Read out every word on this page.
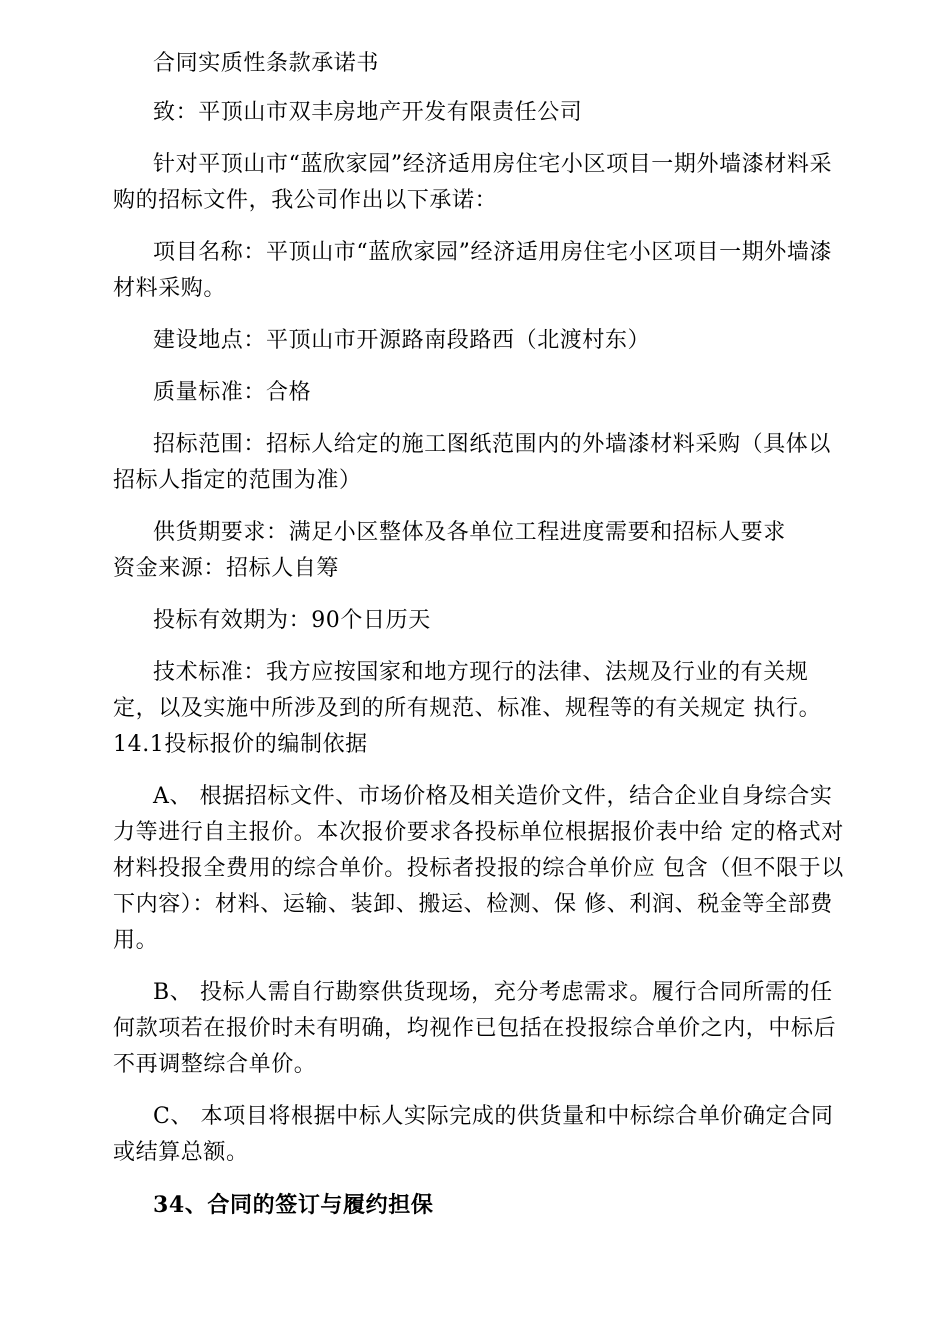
合同实质性条款承诺书

致：平顶山市双丰房地产开发有限责任公司

针对平顶山市“蓝欣家园”经济适用房住宅小区项目一期外墙漆材料采购的招标文件，我公司作出以下承诺：

项目名称：平顶山市“蓝欣家园”经济适用房住宅小区项目一期外墙漆材料采购。

建设地点：平顶山市开源路南段路西（北渡村东）

质量标准：合格

招标范围：招标人给定的施工图纸范围内的外墙漆材料采购（具体以招标人指定的范围为准）

供货期要求：满足小区整体及各单位工程进度需要和招标人要求

资金来源：招标人自筹

投标有效期为：90个日历天

技术标准：我方应按国家和地方现行的法律、法规及行业的有关规定，以及实施中所涉及到的所有规范、标准、规程等的有关规定 执行。14.1投标报价的编制依据

A、 根据招标文件、市场价格及相关造价文件，结合企业自身综合实力等进行自主报价。本次报价要求各投标单位根据报价表中给 定的格式对材料投报全费用的综合单价。投标者投报的综合单价应 包含（但不限于以下内容）：材料、运输、装卸、搬运、检测、保 修、利润、税金等全部费用。

B、 投标人需自行勘察供货现场，充分考虑需求。履行合同所需的任何款项若在报价时未有明确，均视作已包括在投报综合单价之内，中标后不再调整综合单价。

C、 本项目将根据中标人实际完成的供货量和中标综合单价确定合同或结算总额。

34、合同的签订与履约担保
